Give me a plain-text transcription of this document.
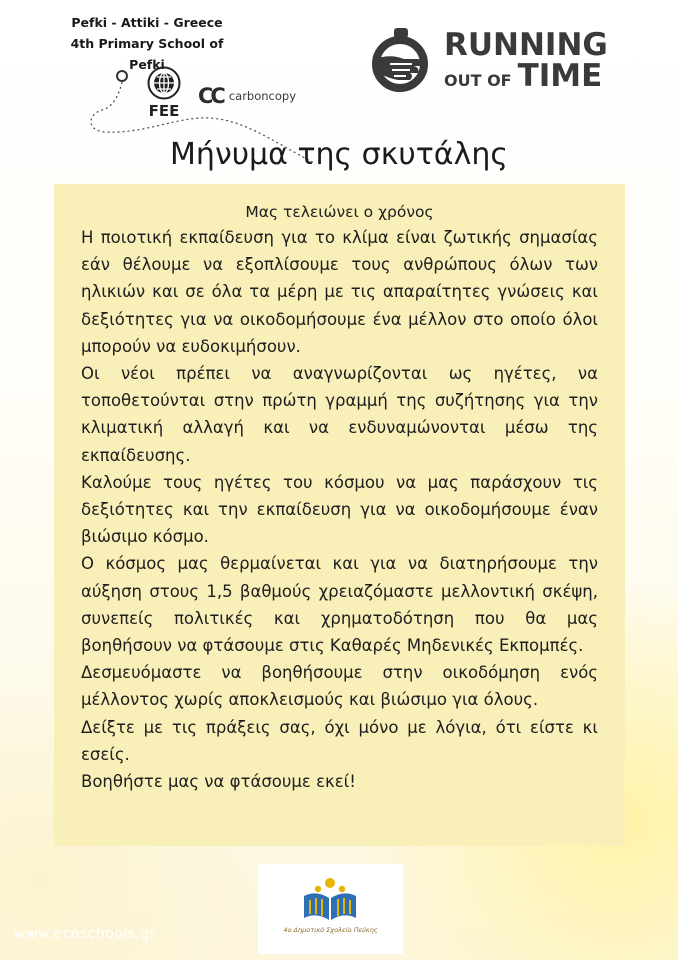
Pefki - Attiki - Greece
4th Primary School of Pefki
FEE
CC carboncopy
RUNNING
OUT OF TIME
Μήνυμα της σκυτάλης
Μας τελειώνει ο χρόνος

Η ποιοτική εκπαίδευση για το κλίμα είναι ζωτικής σημασίας εάν θέλουμε να εξοπλίσουμε τους ανθρώπους όλων των ηλικιών και σε όλα τα μέρη με τις απαραίτητες γνώσεις και δεξιότητες για να οικοδομήσουμε ένα μέλλον στο οποίο όλοι μπορούν να ευδοκιμήσουν.

Οι νέοι πρέπει να αναγνωρίζονται ως ηγέτες, να τοποθετούνται στην πρώτη γραμμή της συζήτησης για την κλιματική αλλαγή και να ενδυναμώνονται μέσω της εκπαίδευσης.

Καλούμε τους ηγέτες του κόσμου να μας παράσχουν τις δεξιότητες και την εκπαίδευση για να οικοδομήσουμε έναν βιώσιμο κόσμο.

Ο κόσμος μας θερμαίνεται και για να διατηρήσουμε την αύξηση στους 1,5 βαθμούς χρειαζόμαστε μελλοντική σκέψη, συνεπείς πολιτικές και χρηματοδότηση που θα μας βοηθήσουν να φτάσουμε στις Καθαρές Μηδενικές Εκπομπές.

Δεσμευόμαστε να βοηθήσουμε στην οικοδόμηση ενός μέλλοντος χωρίς αποκλεισμούς και βιώσιμο για όλους.

Δείξτε με τις πράξεις σας, όχι μόνο με λόγια, ότι είστε κι εσείς.

Βοηθήστε μας να φτάσουμε εκεί!

4ο Δημοτικό Σχολείο Πεύκης
www.ecoschools.gr
